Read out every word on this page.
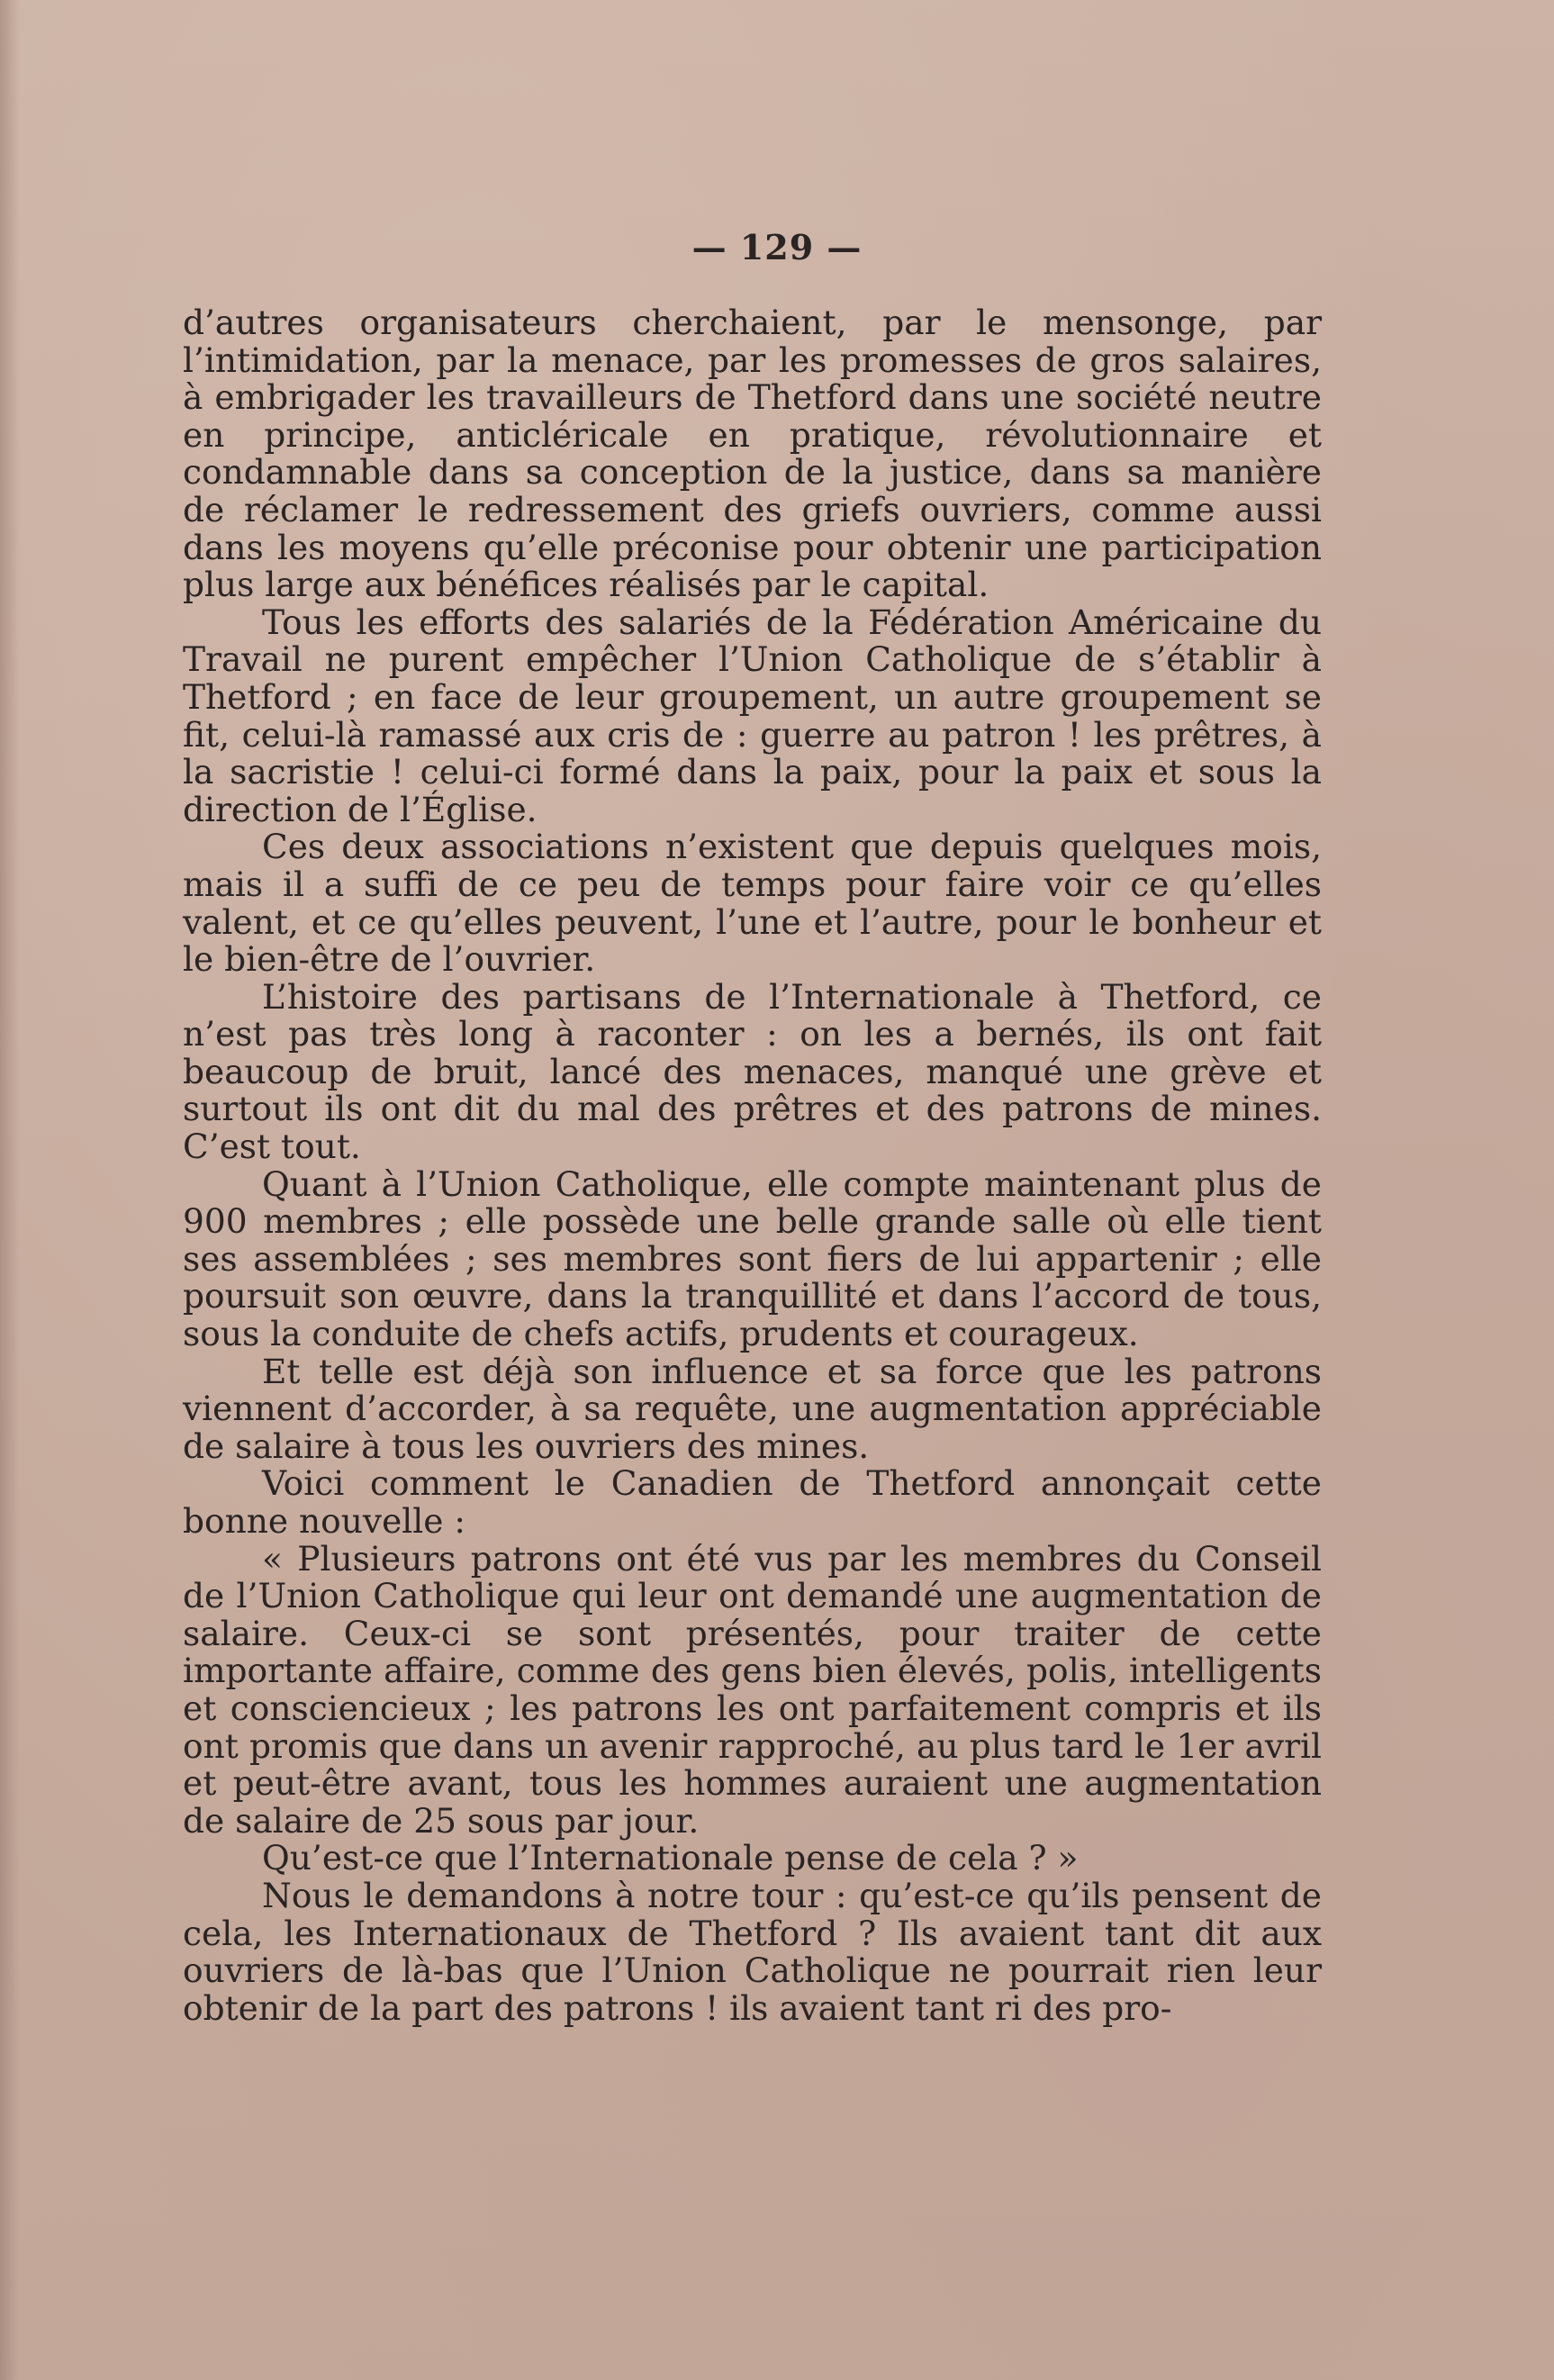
— 129 —

d’autres organisateurs cherchaient, par le mensonge, par l’intimidation, par la menace, par les promesses de gros salaires, à embrigader les travailleurs de Thetford dans une société neutre en principe, anticléricale en pratique, révolutionnaire et condamnable dans sa conception de la justice, dans sa manière de réclamer le redressement des griefs ouvriers, comme aussi dans les moyens qu’elle préconise pour obtenir une participation plus large aux bénéfices réalisés par le capital.

Tous les efforts des salariés de la Fédération Américaine du Travail ne purent empêcher l’Union Catholique de s’établir à Thetford ; en face de leur groupement, un autre groupement se fit, celui-là ramassé aux cris de : guerre au patron ! les prêtres, à la sacristie ! celui-ci formé dans la paix, pour la paix et sous la direction de l’Église.

Ces deux associations n’existent que depuis quelques mois, mais il a suffi de ce peu de temps pour faire voir ce qu’elles valent, et ce qu’elles peuvent, l’une et l’autre, pour le bonheur et le bien-être de l’ouvrier.

L’histoire des partisans de l’Internationale à Thetford, ce n’est pas très long à raconter : on les a bernés, ils ont fait beaucoup de bruit, lancé des menaces, manqué une grève et surtout ils ont dit du mal des prêtres et des patrons de mines. C’est tout.

Quant à l’Union Catholique, elle compte maintenant plus de 900 membres ; elle possède une belle grande salle où elle tient ses assemblées ; ses membres sont fiers de lui appartenir ; elle poursuit son œuvre, dans la tranquillité et dans l’accord de tous, sous la conduite de chefs actifs, prudents et courageux.

Et telle est déjà son influence et sa force que les patrons viennent d’accorder, à sa requête, une augmentation appréciable de salaire à tous les ouvriers des mines.

Voici comment le Canadien de Thetford annonçait cette bonne nouvelle :

« Plusieurs patrons ont été vus par les membres du Conseil de l’Union Catholique qui leur ont demandé une augmentation de salaire. Ceux-ci se sont présentés, pour traiter de cette importante affaire, comme des gens bien élevés, polis, intelligents et consciencieux ; les patrons les ont parfaitement compris et ils ont promis que dans un avenir rapproché, au plus tard le 1er avril et peut-être avant, tous les hommes auraient une augmentation de salaire de 25 sous par jour.

Qu’est-ce que l’Internationale pense de cela ? »

Nous le demandons à notre tour : qu’est-ce qu’ils pensent de cela, les Internationaux de Thetford ? Ils avaient tant dit aux ouvriers de là-bas que l’Union Catholique ne pourrait rien leur obtenir de la part des patrons ! ils avaient tant ri des pro-
